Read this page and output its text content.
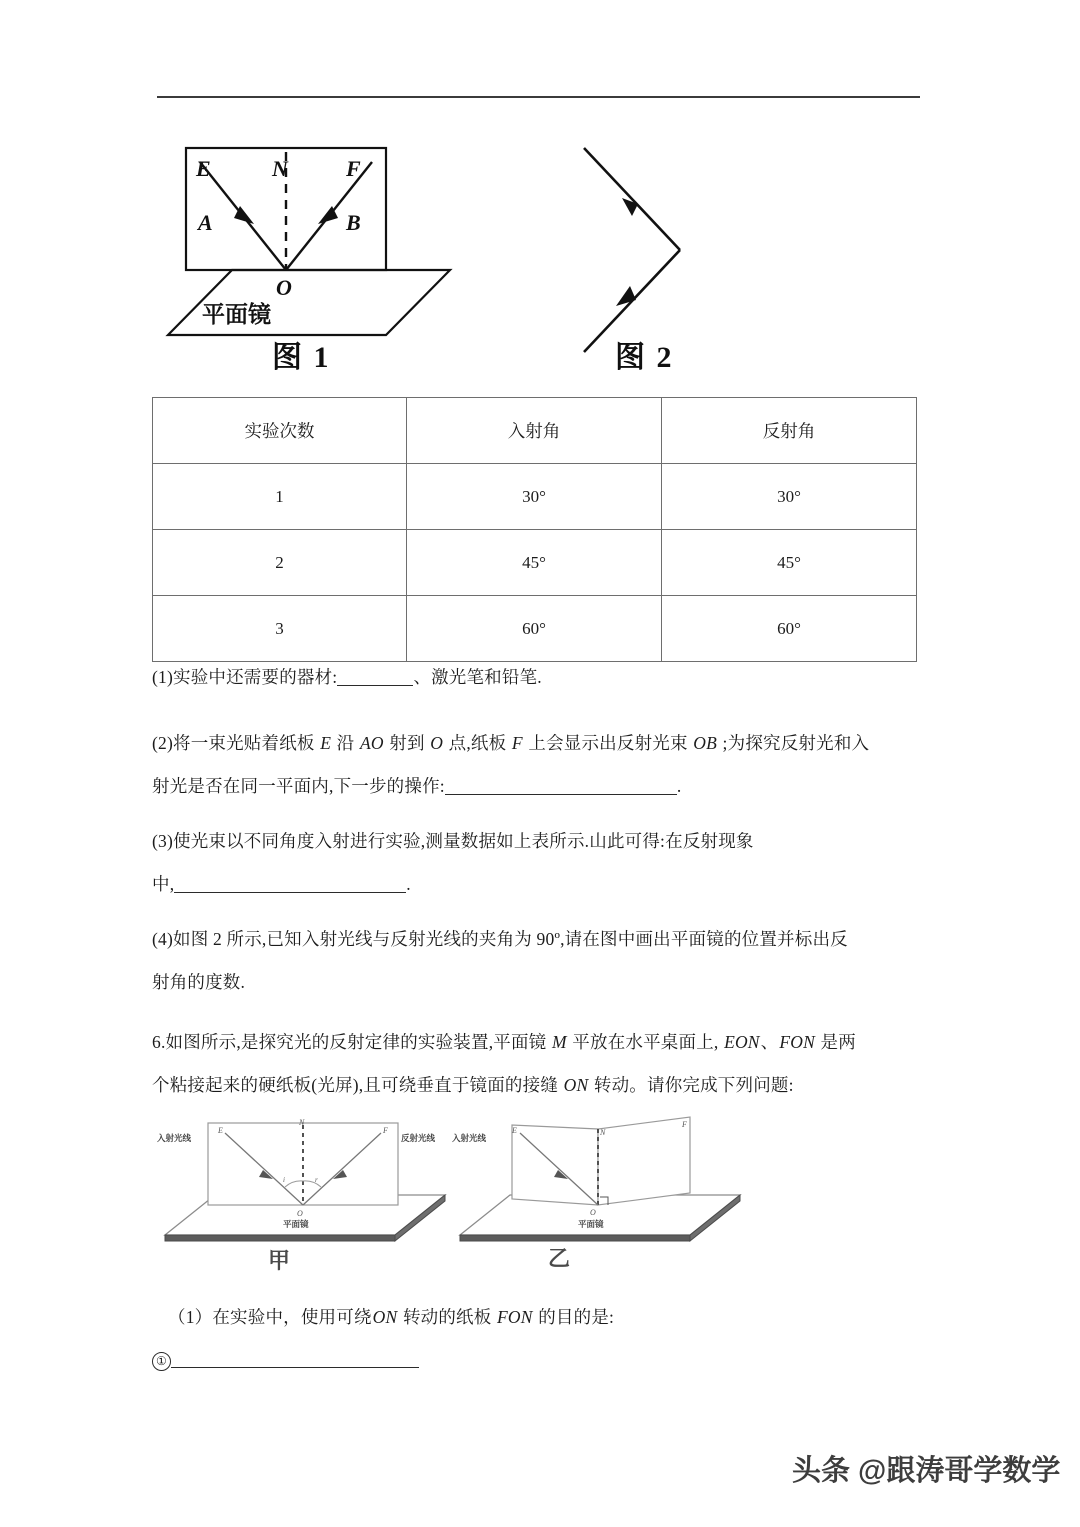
E	N	F
A	B
O
平面镜
图 1	图 2
实验次数	入射角	反射角
1	30°	30°
2	45°	45°
3	60°	60°
(1)实验中还需要的器材:	、激光笔和铅笔.
(2)将一束光贴着纸板 E 沿 AO 射到 O 点,纸板 F 上会显示出反射光束 OB ;为探究反射光和入
射光是否在同一平面内,下一步的操作:	.
(3)使光束以不同角度入射进行实验,测量数据如上表所示.山此可得:在反射现象
中,	.
(4)如图 2 所示,已知入射光线与反射光线的夹角为 90º,请在图中画出平面镜的位置并标出反
射角的度数.
6.如图所示,是探究光的反射定律的实验装置,平面镜 M 平放在水平桌面上, EON、FON 是两
个粘接起来的硬纸板(光屏),且可绕垂直于镜面的接缝 ON 转动。请你完成下列问题:
i	r
E
N
F
O
入射光线	反射光线
平面镜
E	N
F
O
入射光线
平面镜
甲	乙
（1）在实验中，使用可绕ON 转动的纸板 FON 的目的是:
①
头条 @跟涛哥学数学
